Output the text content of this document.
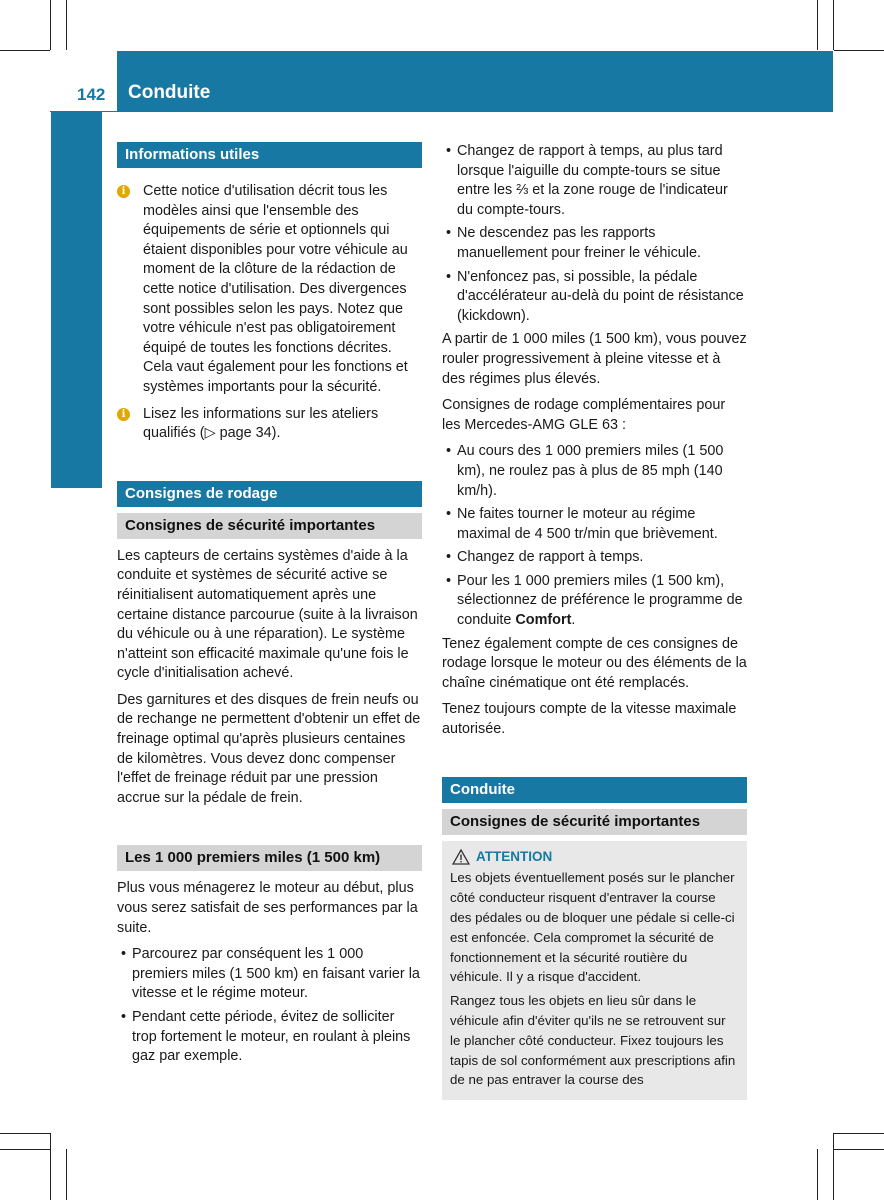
142 Conduite
Conduite et stationnement
Informations utiles
i	Cette notice d'utilisation décrit tous les modèles ainsi que l'ensemble des équipements de série et optionnels qui étaient disponibles pour votre véhicule au moment de la clôture de la rédaction de cette notice d'utilisation. Des divergences sont possibles selon les pays. Notez que votre véhicule n'est pas obligatoirement équipé de toutes les fonctions décrites. Cela vaut également pour les fonctions et systèmes importants pour la sécurité.
i	Lisez les informations sur les ateliers qualifiés (▷ page 34).
Consignes de rodage
Consignes de sécurité importantes

Les capteurs de certains systèmes d'aide à la conduite et systèmes de sécurité active se réinitialisent automatiquement après une certaine distance parcourue (suite à la livraison du véhicule ou à une réparation). Le système n'atteint son efficacité maximale qu'une fois le cycle d'initialisation achevé.

Des garnitures et des disques de frein neufs ou de rechange ne permettent d'obtenir un effet de freinage optimal qu'après plusieurs centaines de kilomètres. Vous devez donc compenser l'effet de freinage réduit par une pression accrue sur la pédale de frein.

Les 1 000 premiers miles (1 500 km)

Plus vous ménagerez le moteur au début, plus vous serez satisfait de ses performances par la suite.

• Parcourez par conséquent les 1 000 premiers miles (1 500 km) en faisant varier la vitesse et le régime moteur.
• Pendant cette période, évitez de solliciter trop fortement le moteur, en roulant à pleins gaz par exemple.
• Changez de rapport à temps, au plus tard lorsque l'aiguille du compte-tours se situe entre les ⅔ et la zone rouge de l'indicateur du compte-tours.
• Ne descendez pas les rapports manuellement pour freiner le véhicule.
• N'enfoncez pas, si possible, la pédale d'accélérateur au-delà du point de résistance (kickdown).

A partir de 1 000 miles (1 500 km), vous pouvez rouler progressivement à pleine vitesse et à des régimes plus élevés.

Consignes de rodage complémentaires pour les Mercedes-AMG GLE 63 :

• Au cours des 1 000 premiers miles (1 500 km), ne roulez pas à plus de 85 mph (140 km/h).
• Ne faites tourner le moteur au régime maximal de 4 500 tr/min que brièvement.
• Changez de rapport à temps.
• Pour les 1 000 premiers miles (1 500 km), sélectionnez de préférence le programme de conduite Comfort.

Tenez également compte de ces consignes de rodage lorsque le moteur ou des éléments de la chaîne cinématique ont été remplacés.

Tenez toujours compte de la vitesse maximale autorisée.

Conduite
Consignes de sécurité importantes
ATTENTION

Les objets éventuellement posés sur le plancher côté conducteur risquent d'entraver la course des pédales ou de bloquer une pédale si celle-ci est enfoncée. Cela compromet la sécurité de fonctionnement et la sécurité routière du véhicule. Il y a risque d'accident.

Rangez tous les objets en lieu sûr dans le véhicule afin d'éviter qu'ils ne se retrouvent sur le plancher côté conducteur. Fixez toujours les tapis de sol conformément aux prescriptions afin de ne pas entraver la course des
